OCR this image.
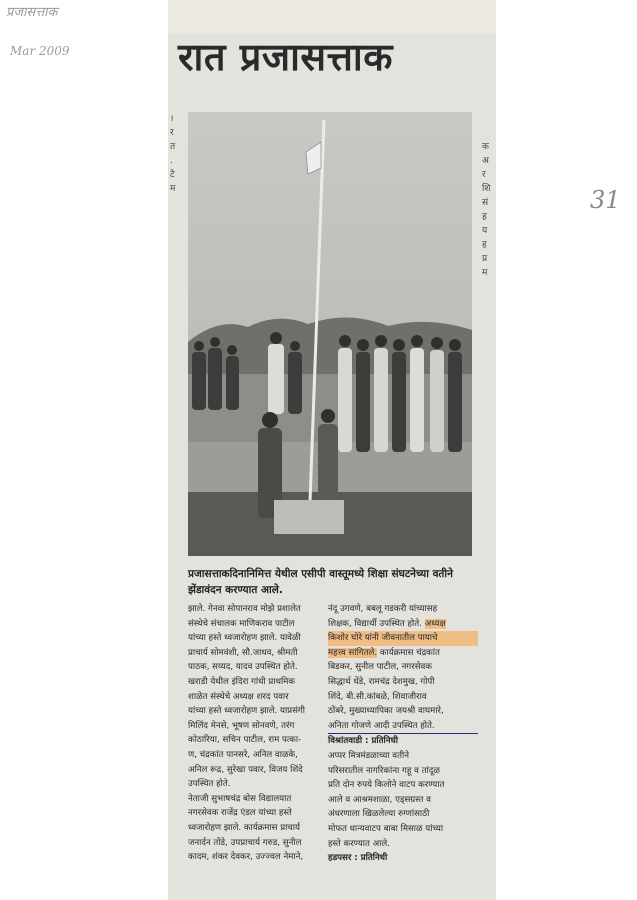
प्रजासत्ताक
Mar 2009
31
रात प्रजासत्ताक
।
र
त
.
टे
म
क
अ
र
शि
सं
ह
य
ह
प्र
म
प्रजासत्ताकदिनानिमित्त येथील एसीपी वास्तूमध्ये शिक्षा संघटनेच्या वतीने झेंडावंदन करण्यात आले.
झाले. गेनवा सोपानराव मोझे प्रशालेत
संस्थेचे संचालक माणिकराव पाटील
यांच्या हस्ते ध्वजारोहण झाले. यावेळी
प्राचार्य सोमवंशी, सौ.जाधव, श्रीमती
पाठक, सय्यद, यादव उपस्थित होते.
खराडी येथील इंदिरा गांधी प्राथमिक
शाळेत संस्थेचे अध्यक्ष शरद पवार
यांच्या हस्ते ध्वजारोहण झाले. याप्रसंगी
मिलिंद मेनसे, भूषण सोनवणे, तरंग
कोठारिया, सचिन पाटील, राम पत्का-
ण, चंद्रकांत पानसरे, अनिल वाळके,
अनिल रूद्र, सुरेखा पवार, विजय शिंदे
उपस्थित होते.
नेताजी सुभाषचंद्र बोस विद्यालयात
नगरसेवक राजेंद्र एंडल यांच्या हस्ते
ध्वजारोहण झाले. कार्यक्रमास प्राचार्य
जनार्दन तोंडे, उपप्राचार्य गरुड, सुनील
कादम, शंकर देवकर, उज्ज्वल नेमाने,
नंदू उगवणे, बबलू गडकरी यांच्यासह
शिक्षक, विद्यार्थी उपस्थित होते. अध्यक्ष
किशोर घोरे यांनी जीवनातील पायाचे
महत्त्व सांगितले. कार्यक्रमास चंद्रकांत
बिडकर, सुनील पाटील, नगरसेवक
सिद्धार्थ धेंडे, रामचंद्र देशमुख, गोपी
शिंदे, बी.सी.कांबळे, शिवाजीराव
ठोंबरे, मुख्याध्यापिका जयश्री वाघमारे,
अनिता गोजणे आदी उपस्थित होते.
विश्रांतवाडी : प्रतिनिधी
अप्पर मित्रमंडळाच्या वतीने
परिसरातील नागरिकांना गहू व तांदूळ
प्रति दोन रुपये किलोने वाटप करण्यात
आले व आश्रमशाळा, एड्सग्रस्त व
अंधरणाला खिळलेल्या रुग्णांसाठी
मोफत धान्यवाटप बाबा मिसाळ यांच्या
हस्ते करण्यात आले.
हडपसर : प्रतिनिधी
